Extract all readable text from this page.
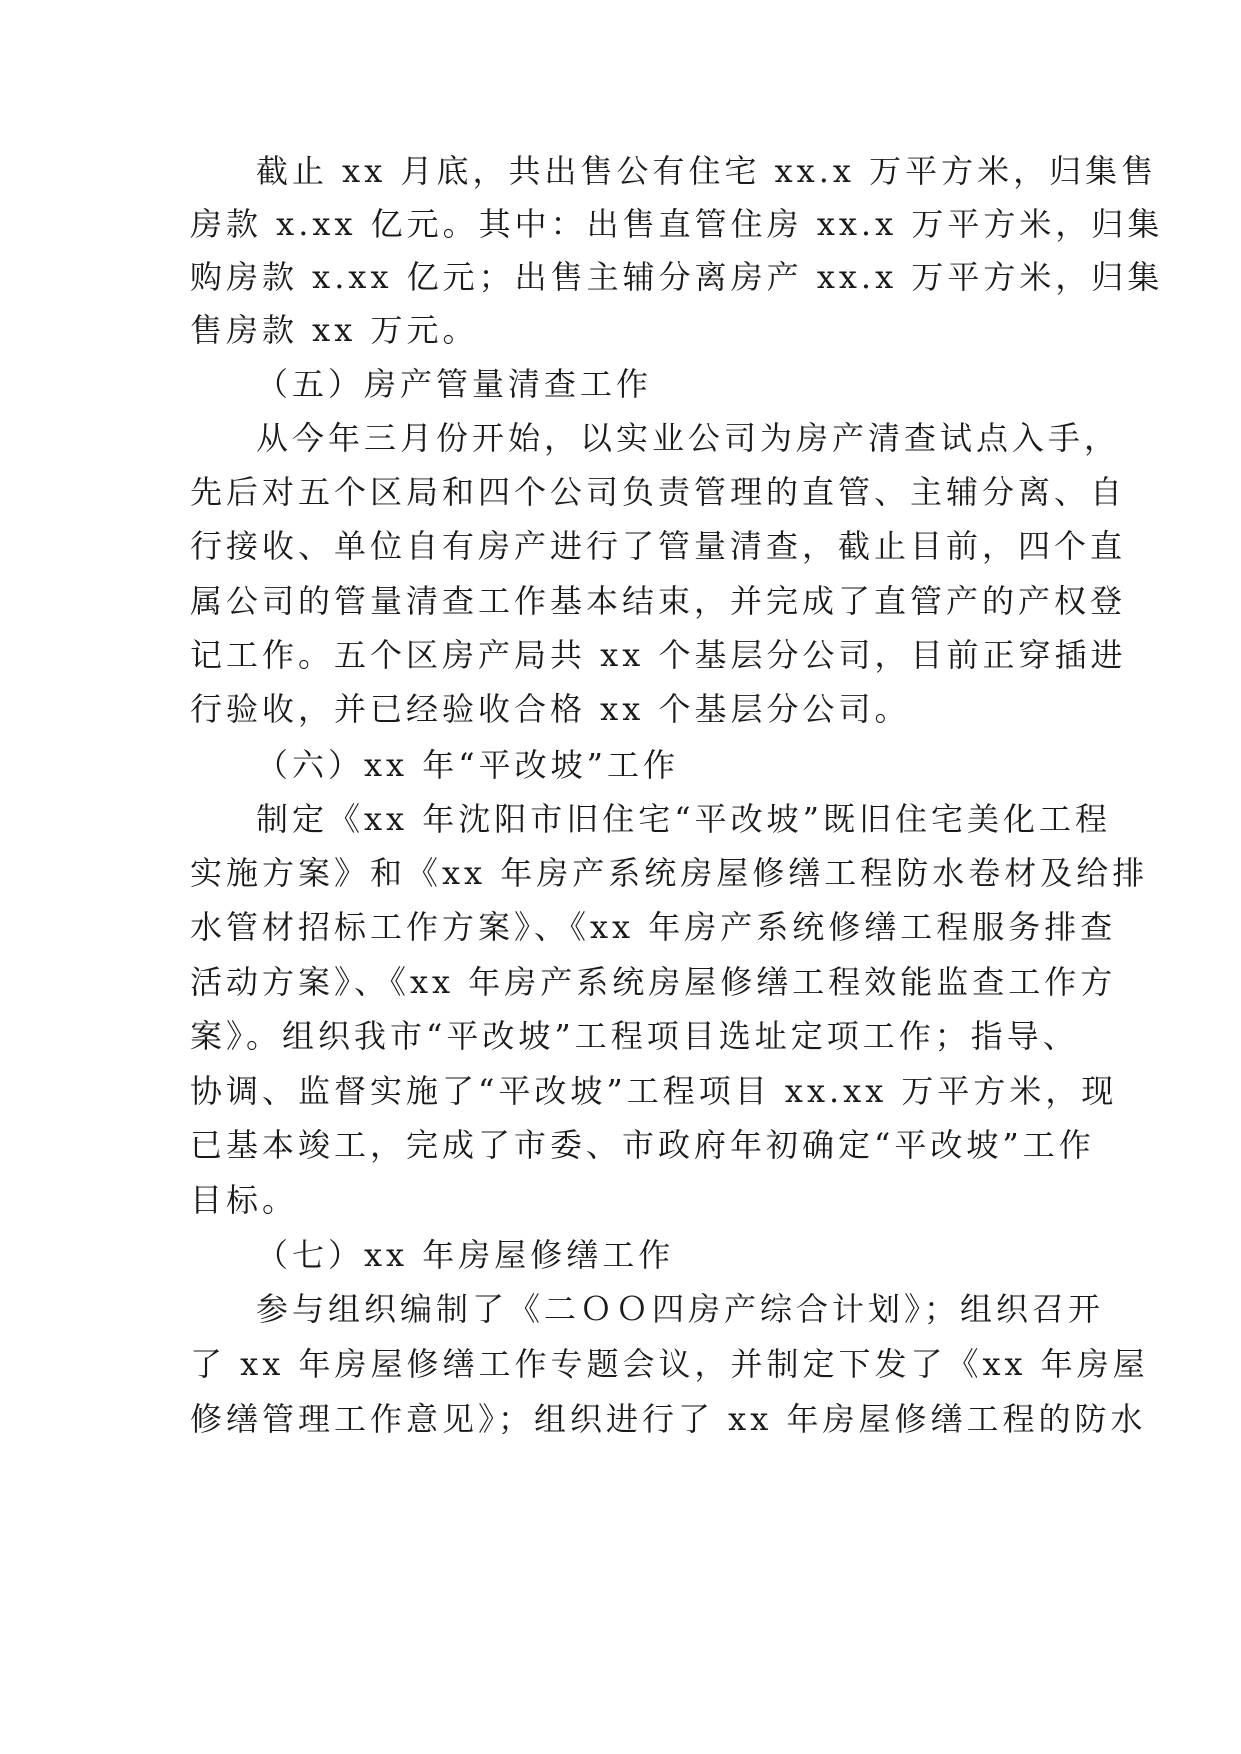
截止 xx 月底，共出售公有住宅 xx.x 万平方米，归集售

房款 x.xx 亿元。其中：出售直管住房 xx.x 万平方米，归集

购房款 x.xx 亿元；出售主辅分离房产 xx.x 万平方米，归集

售房款 xx 万元。

（五）房产管量清查工作

从今年三月份开始，以实业公司为房产清查试点入手，

先后对五个区局和四个公司负责管理的直管、主辅分离、自

行接收、单位自有房产进行了管量清查，截止目前，四个直

属公司的管量清查工作基本结束，并完成了直管产的产权登

记工作。五个区房产局共 xx 个基层分公司，目前正穿插进

行验收，并已经验收合格 xx 个基层分公司。

（六）xx 年“平改坡”工作

制定《xx 年沈阳市旧住宅“平改坡”既旧住宅美化工程

实施方案》和《xx 年房产系统房屋修缮工程防水卷材及给排

水管材招标工作方案》、《xx 年房产系统修缮工程服务排查

活动方案》、《xx 年房产系统房屋修缮工程效能监查工作方

案》。组织我市“平改坡”工程项目选址定项工作；指导、

协调、监督实施了“平改坡”工程项目 xx.xx 万平方米，现

已基本竣工，完成了市委、市政府年初确定“平改坡”工作

目标。

（七）xx 年房屋修缮工作

参与组织编制了《二ＯＯ四房产综合计划》；组织召开

了 xx 年房屋修缮工作专题会议，并制定下发了《xx 年房屋

修缮管理工作意见》；组织进行了 xx 年房屋修缮工程的防水
